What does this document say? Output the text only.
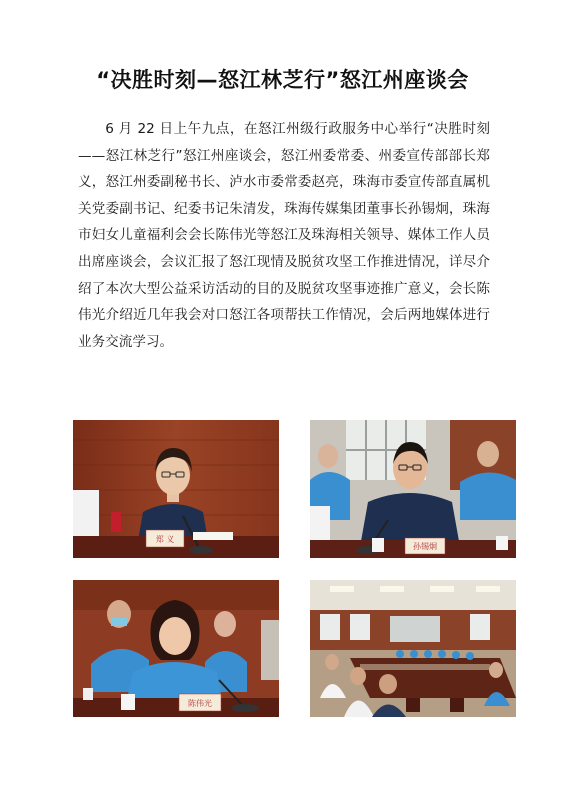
“决胜时刻—怒江林芝行”怒江州座谈会

6 月 22 日上午九点，在怒江州级行政服务中心举行“决胜时刻——怒江林芝行”怒江州座谈会，怒江州委常委、州委宣传部部长郑义，怒江州委副秘书长、泸水市委常委赵亮，珠海市委宣传部直属机关党委副书记、纪委书记朱清发，珠海传媒集团董事长孙锡炯，珠海市妇女儿童福利会会长陈伟光等怒江及珠海相关领导、媒体工作人员出席座谈会，会议汇报了怒江现情及脱贫攻坚工作推进情况，详尽介绍了本次大型公益采访活动的目的及脱贫攻坚事迹推广意义，会长陈伟光介绍近几年我会对口怒江各项帮扶工作情况，会后两地媒体进行业务交流学习。

郑 义
孙锡炯
陈伟光
